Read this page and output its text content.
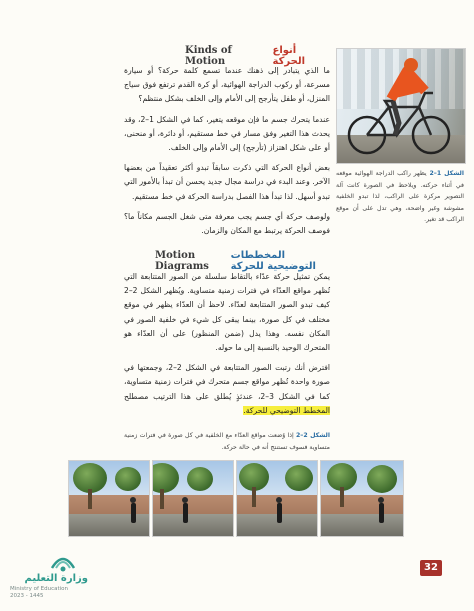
Kinds of Motion
أنواع الحركة

ما الذي يتبادر إلى ذهنك عندما تسمع كلمة حركة؟ أو سيارة مسرعة، أو ركوب الدراجة الهوائية، أو كرة القدم ترتفع فوق سياج المنزل، أو طفل يتأرجح إلى الأمام وإلى الخلف بشكل منتظم؟

عندما يتحرك جسم ما فإن موقعه يتغير، كما في الشكل 1–2، وقد يحدث هذا التغير وفق مسار في خط مستقيم، أو دائرة، أو منحنى، أو على شكل اهتزاز (تأرجح) إلى الأمام وإلى الخلف.

بعض أنواع الحركة التي ذكرت سابقاً تبدو أكثر تعقيداً من بعضها الآخر. وعند البدء في دراسة مجال جديد يحسن أن تبدأ بالأمور التي تبدو أسهل. لذا تبدأ هذا الفصل بدراسة الحركة في خط مستقيم.

ولوصف حركة أي جسم يجب معرفة متى شغل الجسم مكاناً ما؟ فوصف الحركة يرتبط مع المكان والزمان.

الشكل 1–2 يظهر راكب الدراجة الهوائية موقعه في أثناء حركته. ويلاحظ في الصورة كانت آلة التصوير مركزة على الراكب، لذا تبدو الخلفية مشوشة وغير واضحة، وهي تدل على أن موقع الراكب قد تغير.
Motion Diagrams
المخططات التوضيحية للحركة

يمكن تمثيل حركة عدّاء بالتقاط سلسلة من الصور المتتابعة التي تُظهر مواقع العدّاء في فترات زمنية متساوية. ويُظهر الشكل 2–2 كيف تبدو الصور المتتابعة لعدّاء. لاحظ أن العدّاء يظهر في موقع مختلف في كل صورة، بينما يبقى كل شيء في خلفية الصور في المكان نفسه. وهذا يدل (ضمن المنظور) على أن العدّاء هو المتحرك الوحيد بالنسبة إلى ما حوله.

افترض أنك رتبت الصور المتتابعة في الشكل 2–2، وجمعتها في صورة واحدة تُظهر مواقع جسم متحرك في فترات زمنية متساوية، كما في الشكل 3–2، عندئذٍ يُطلق على هذا الترتيب مصطلح المخطط التوضيحي للحركة.

الشكل 2–2 إذا وُضعت مواقع العدّاء مع الخلفية في كل صورة في فترات زمنية متساوية فسوف تستنتج أنه في حالة حركة.
وزارة التعليم
Ministry of Education
2023 - 1445
32
